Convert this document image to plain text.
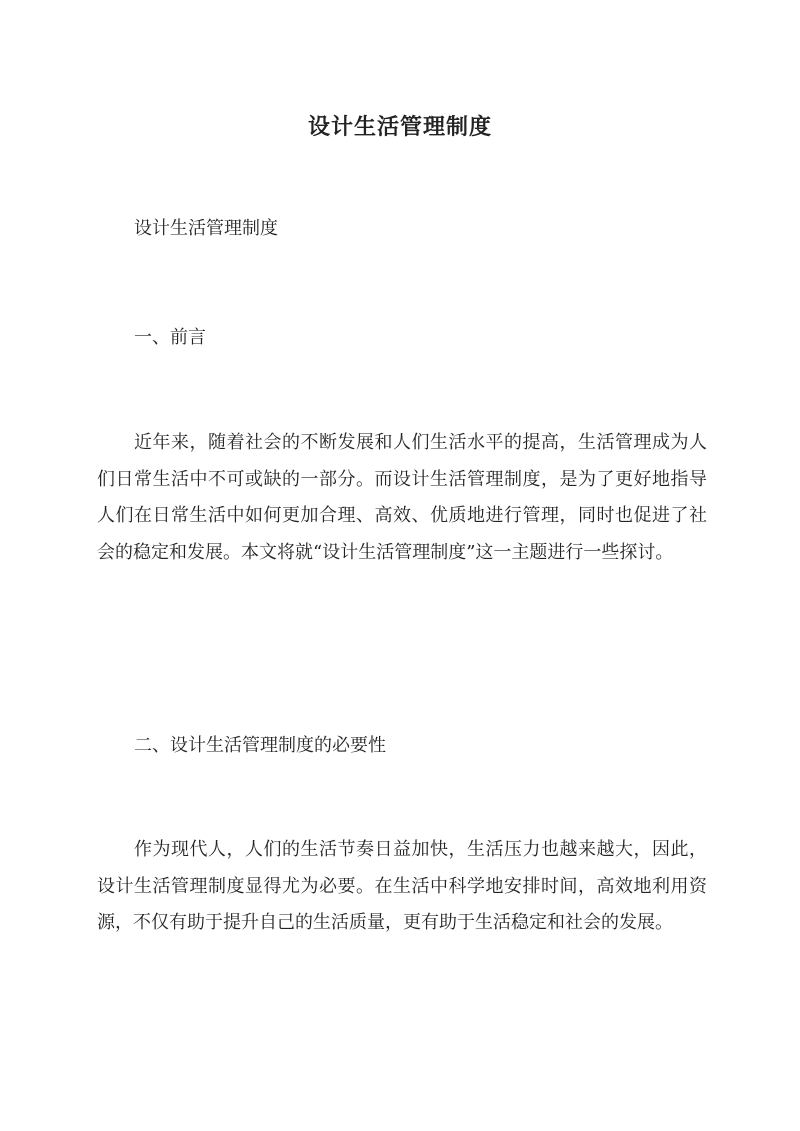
设计生活管理制度

设计生活管理制度

一、前言

近年来，随着社会的不断发展和人们生活水平的提高，生活管理成为人们日常生活中不可或缺的一部分。而设计生活管理制度，是为了更好地指导人们在日常生活中如何更加合理、高效、优质地进行管理，同时也促进了社会的稳定和发展。本文将就“设计生活管理制度”这一主题进行一些探讨。

二、设计生活管理制度的必要性

作为现代人，人们的生活节奏日益加快，生活压力也越来越大，因此，设计生活管理制度显得尤为必要。在生活中科学地安排时间，高效地利用资源，不仅有助于提升自己的生活质量，更有助于生活稳定和社会的发展。
